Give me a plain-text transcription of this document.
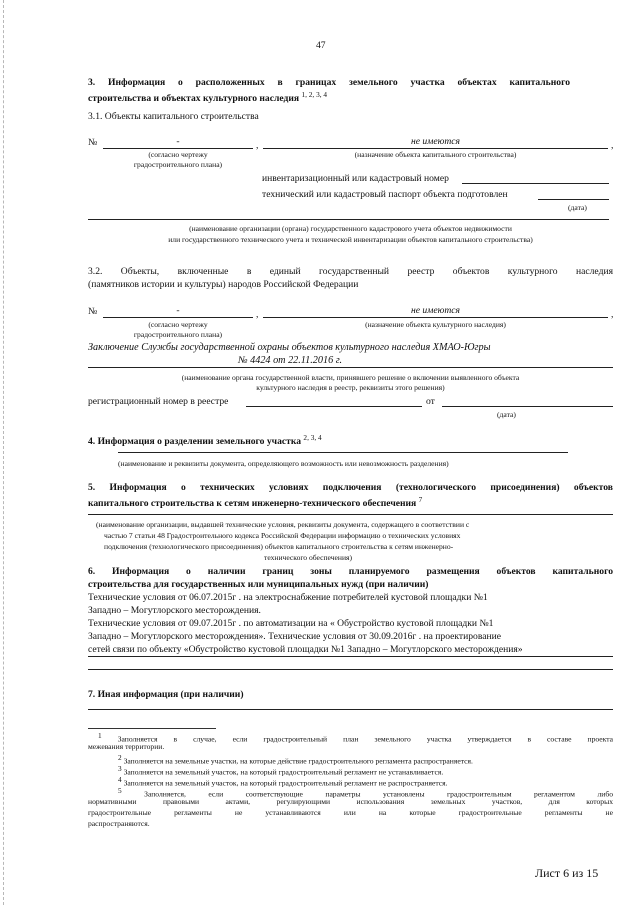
47
3. Информация о расположенных в границах земельного участка объектах капитального
строительства и объектах культурного наследия $^{1, 2, 3, 4}$
3.1. Объекты капитального строительства
№	-	,	не имеются	,
(согласно чертежу
градостроительного плана)
(назначение объекта капитального строительства)
инвентаризационный или кадастровый номер
технический или кадастровый паспорт объекта подготовлен
(дата)
(наименование организации (органа) государственного кадастрового учета объектов недвижимости
или государственного технического учета и технической инвентаризации объектов капитального строительства)
3.2. Объекты, включенные в единый государственный реестр объектов культурного наследия
(памятников истории и культуры) народов Российской Федерации
№	-	,	не имеются	,
(согласно чертежу
градостроительного плана)
(назначение объекта культурного наследия)
Заключение Службы государственной охраны объектов культурного наследия ХМАО-Югры
№ 4424 от 22.11.2016 г.
(наименование органа государственной власти, принявшего решение о включении выявленного объекта
культурного наследия в реестр, реквизиты этого решения)
регистрационный номер в реестре	от
(дата)
4. Информация о разделении земельного участка $^{2, 3, 4}$
(наименование и реквизиты документа, определяющего возможность или невозможность разделения)
5. Информация о технических условиях подключения (технологического присоединения) объектов
капитального строительства к сетям инженерно-технического обеспечения $^7$
(наименование организации, выдавшей технические условия, реквизиты документа, содержащего в соответствии с
частью 7 статьи 48 Градостроительного кодекса Российской Федерации информацию о технических условиях
подключения (технологического присоединения) объектов капитального строительства к сетям инженерно-
технического обеспечения)
6. Информация о наличии границ зоны планируемого размещения объектов капитального
строительства для государственных или муниципальных нужд (при наличии)
Технические условия от 06.07.2015г . на электроснабжение потребителей кустовой площадки №1
Западно – Могутлорского месторождения.
Технические условия от 09.07.2015г . по автоматизации на « Обустройство кустовой площадки №1
Западно – Могутлорского месторождения». Технические условия от 30.09.2016г . на проектирование
сетей связи по объекту «Обустройство кустовой площадки №1 Западно – Могутлорского месторождения»
7. Иная информация (при наличии)
$^1$ Заполняется в случае, если градостроительный план земельного участка утверждается в составе проекта
межевания территории.
$^2$ Заполняется на земельные участки, на которые действие градостроительного регламента распространяется.
$^3$ Заполняется на земельный участок, на который градостроительный регламент не устанавливается.
$^4$ Заполняется на земельный участок, на который градостроительный регламент не распространяется.
$^5$	Заполняется, если соответствующие параметры установлены градостроительным регламентом либо
нормативными правовыми актами, регулирующими использования земельных участков, для которых
градостроительные регламенты не устанавливаются или на которые градостроительные регламенты не
распространяются.
Лист 6 из 15
